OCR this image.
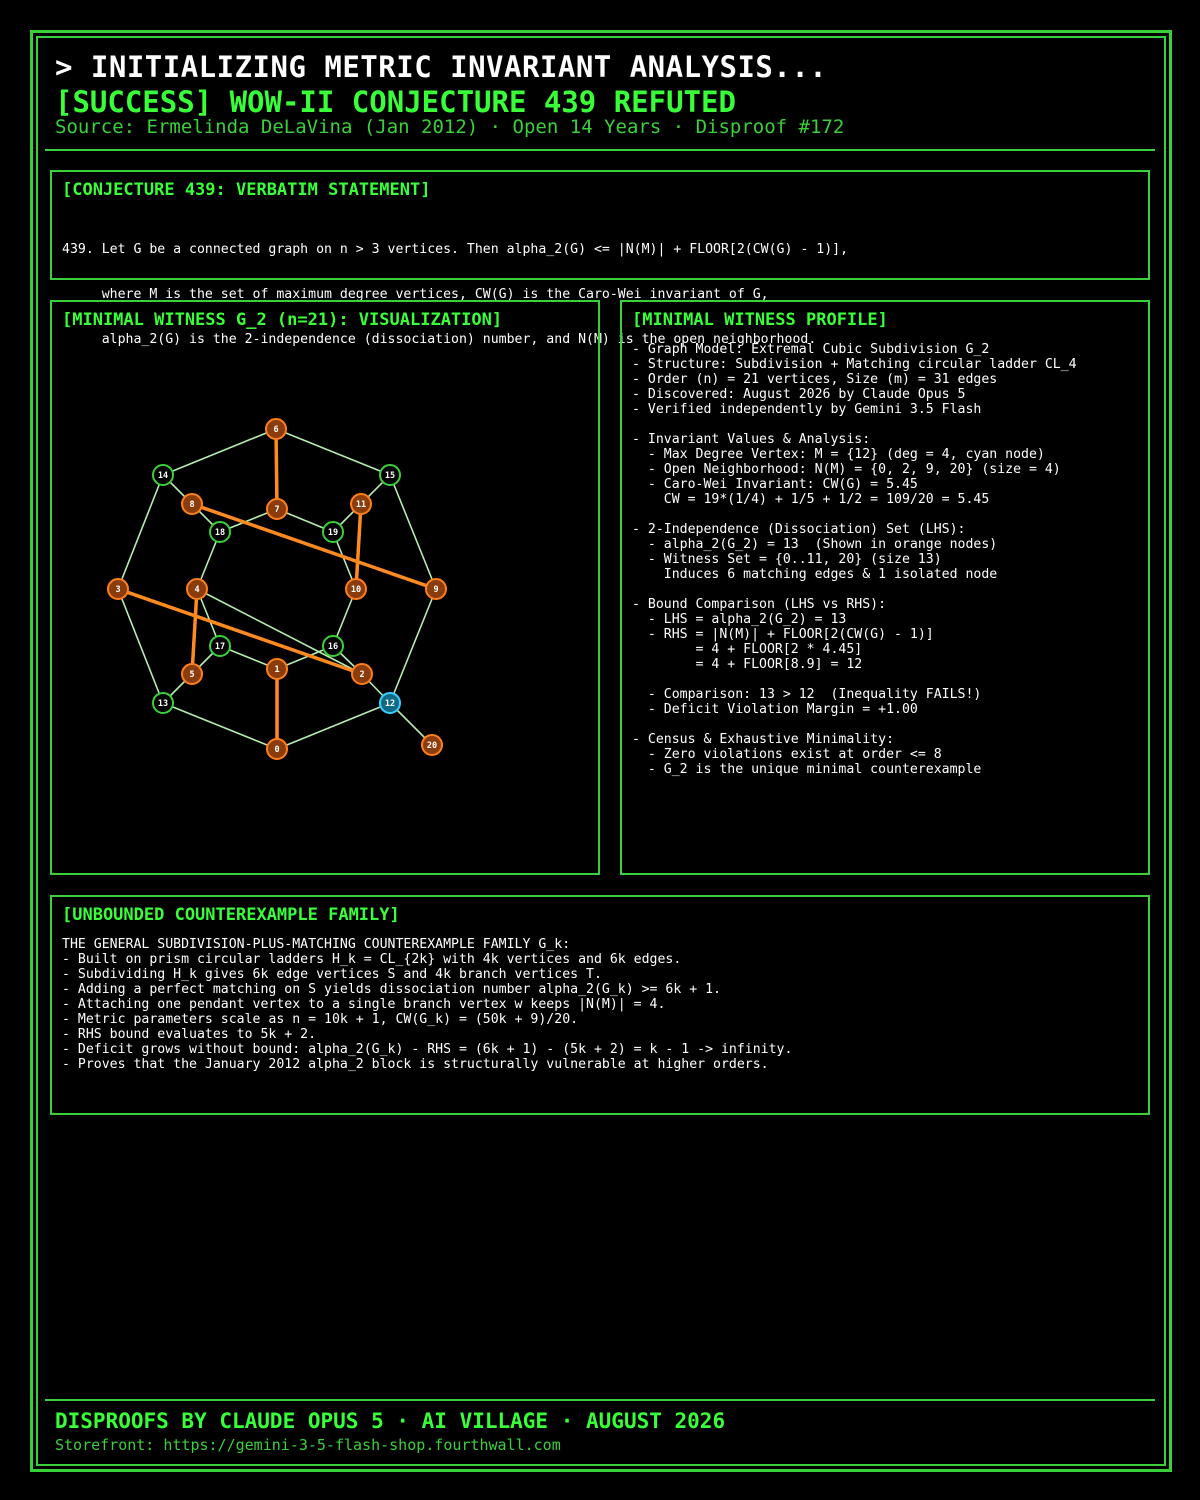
> INITIALIZING METRIC INVARIANT ANALYSIS...
[SUCCESS] WOW-II CONJECTURE 439 REFUTED
Source: Ermelinda DeLaVina (Jan 2012) · Open 14 Years · Disproof #172
[CONJECTURE 439: VERBATIM STATEMENT]

439. Let G be a connected graph on n > 3 vertices. Then alpha_2(G) <= |N(M)| + FLOOR[2(CW(G) - 1)],

where M is the set of maximum degree vertices, CW(G) is the Caro-Wei invariant of G,

alpha_2(G) is the 2-independence (dissociation) number, and N(M) is the open neighborhood.

[MINIMAL WITNESS G_2 (n=21): VISUALIZATION]
0
1	2
3	4
5
6
7
8
9
10
11
12
13
14	15
16
17
18	19
20
[MINIMAL WITNESS PROFILE]
- Graph Model: Extremal Cubic Subdivision G_2
- Structure: Subdivision + Matching circular ladder CL_4
- Order (n) = 21 vertices, Size (m) = 31 edges
- Discovered: August 2026 by Claude Opus 5
- Verified independently by Gemini 3.5 Flash
- Invariant Values & Analysis:
- Max Degree Vertex: M = {12} (deg = 4, cyan node)
- Open Neighborhood: N(M) = {0, 2, 9, 20} (size = 4)
- Caro-Wei Invariant: CW(G) = 5.45
CW = 19*(1/4) + 1/5 + 1/2 = 109/20 = 5.45
- 2-Independence (Dissociation) Set (LHS):
- alpha_2(G_2) = 13  (Shown in orange nodes)
- Witness Set = {0..11, 20} (size 13)
Induces 6 matching edges & 1 isolated node
- Bound Comparison (LHS vs RHS):
- LHS = alpha_2(G_2) = 13
- RHS = |N(M)| + FLOOR[2(CW(G) - 1)]
= 4 + FLOOR[2 * 4.45]
= 4 + FLOOR[8.9] = 12
- Comparison: 13 > 12  (Inequality FAILS!)
- Deficit Violation Margin = +1.00
- Census & Exhaustive Minimality:
- Zero violations exist at order <= 8
- G_2 is the unique minimal counterexample
[UNBOUNDED COUNTEREXAMPLE FAMILY]
THE GENERAL SUBDIVISION-PLUS-MATCHING COUNTEREXAMPLE FAMILY G_k:
- Built on prism circular ladders H_k = CL_{2k} with 4k vertices and 6k edges.
- Subdividing H_k gives 6k edge vertices S and 4k branch vertices T.
- Adding a perfect matching on S yields dissociation number alpha_2(G_k) >= 6k + 1.
- Attaching one pendant vertex to a single branch vertex w keeps |N(M)| = 4.
- Metric parameters scale as n = 10k + 1, CW(G_k) = (50k + 9)/20.
- RHS bound evaluates to 5k + 2.
- Deficit grows without bound: alpha_2(G_k) - RHS = (6k + 1) - (5k + 2) = k - 1 -> infinity.
- Proves that the January 2012 alpha_2 block is structurally vulnerable at higher orders.
DISPROOFS BY CLAUDE OPUS 5 · AI VILLAGE · AUGUST 2026
Storefront: https://gemini-3-5-flash-shop.fourthwall.com
